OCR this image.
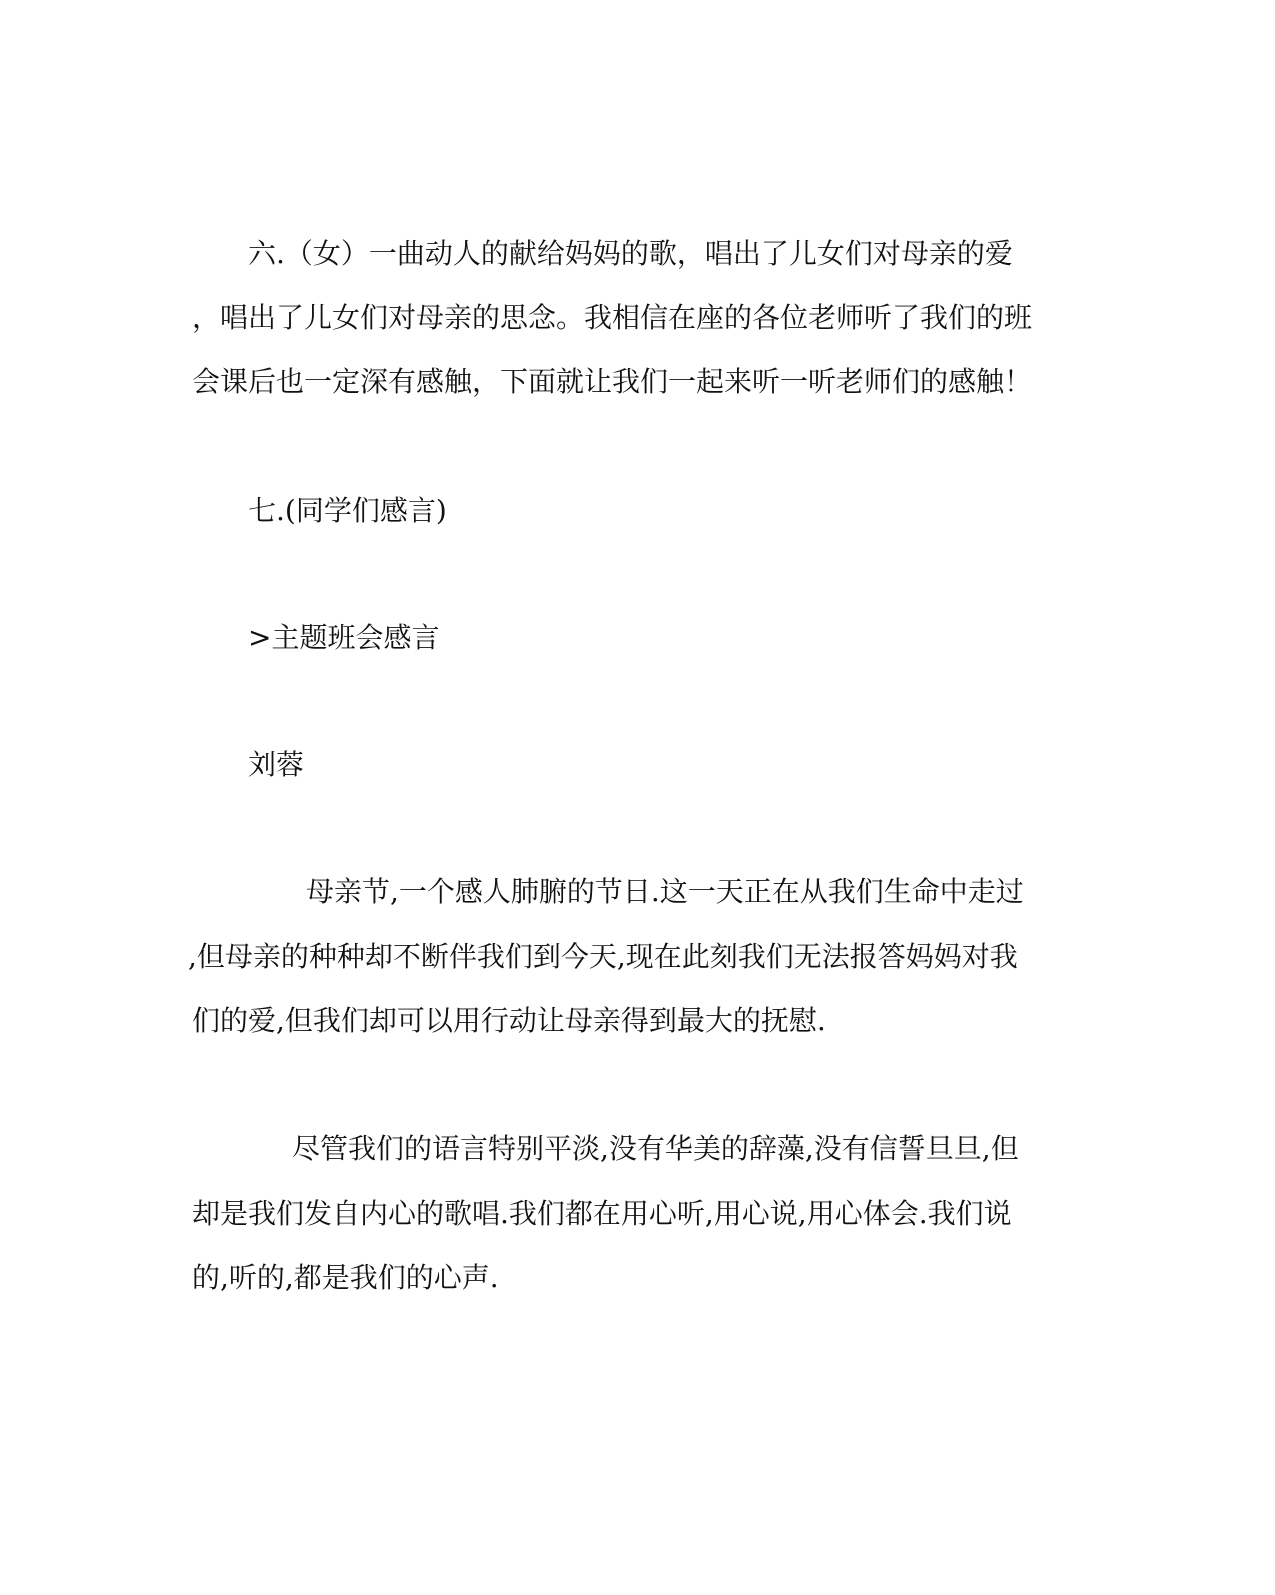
六.（女）一曲动人的献给妈妈的歌，唱出了儿女们对母亲的爱
，唱出了儿女们对母亲的思念。我相信在座的各位老师听了我们的班
会课后也一定深有感触，下面就让我们一起来听一听老师们的感触！
七.(同学们感言)
>主题班会感言
刘蓉
母亲节,一个感人肺腑的节日.这一天正在从我们生命中走过
,但母亲的种种却不断伴我们到今天,现在此刻我们无法报答妈妈对我
们的爱,但我们却可以用行动让母亲得到最大的抚慰.
尽管我们的语言特别平淡,没有华美的辞藻,没有信誓旦旦,但
却是我们发自内心的歌唱.我们都在用心听,用心说,用心体会.我们说
的,听的,都是我们的心声.
